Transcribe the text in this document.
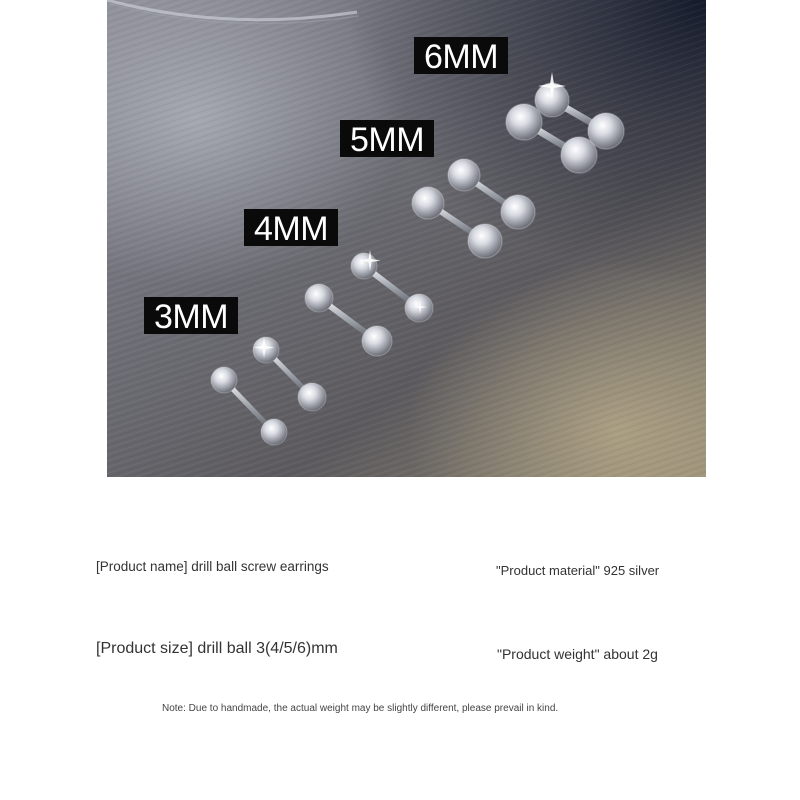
6MM
5MM
4MM
3MM
[Product name] drill ball screw earrings	"Product material" 925 silver
[Product size] drill ball 3(4/5/6)mm	"Product weight" about 2g
Note: Due to handmade, the actual weight may be slightly different, please prevail in kind.
